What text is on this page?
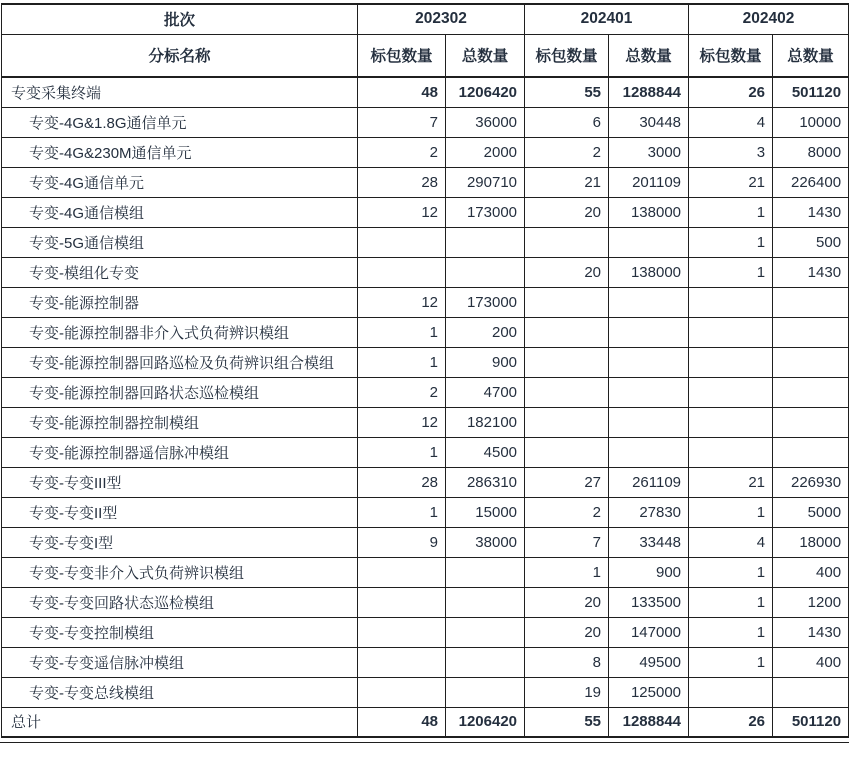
批次	202302		202401		202402	
分标名称	标包数量	总数量	标包数量	总数量	标包数量	总数量
专变采集终端	48	1206420	55	1288844	26	501120
专变-4G&1.8G通信单元	7	36000	6	30448	4	10000
专变-4G&230M通信单元	2	2000	2	3000	3	8000
专变-4G通信单元	28	290710	21	201109	21	226400
专变-4G通信模组	12	173000	20	138000	1	1430
专变-5G通信模组					1	500
专变-模组化专变			20	138000	1	1430
专变-能源控制器	12	173000				
专变-能源控制器非介入式负荷辨识模组	1	200				
专变-能源控制器回路巡检及负荷辨识组合模组	1	900				
专变-能源控制器回路状态巡检模组	2	4700				
专变-能源控制器控制模组	12	182100				
专变-能源控制器遥信脉冲模组	1	4500				
专变-专变III型	28	286310	27	261109	21	226930
专变-专变II型	1	15000	2	27830	1	5000
专变-专变I型	9	38000	7	33448	4	18000
专变-专变非介入式负荷辨识模组			1	900	1	400
专变-专变回路状态巡检模组			20	133500	1	1200
专变-专变控制模组			20	147000	1	1430
专变-专变遥信脉冲模组			8	49500	1	400
专变-专变总线模组			19	125000		
总计	48	1206420	55	1288844	26	501120
